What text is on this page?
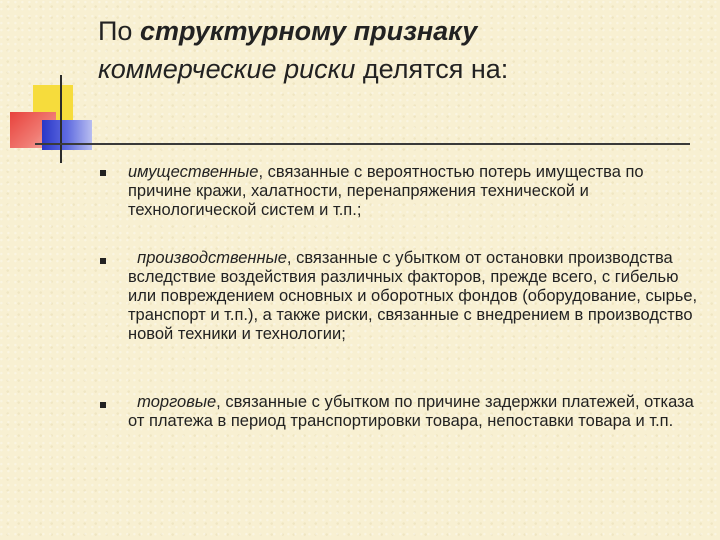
По структурному признаку
коммерческие риски делятся на:
имущественные, связанные с вероятностью потерь имущества по причине кражи, халатности, перенапряжения технической и технологической систем и т.п.;
производственные, связанные с убытком от остановки производства вследствие воздействия различных факторов, прежде всего, с гибелью или повреждением основных и оборотных фондов (оборудование, сырье, транспорт и т.п.), а также риски, связанные с внедрением в производство новой техники и технологии;
торговые, связанные с убытком по причине задержки платежей, отказа от платежа в период транспортировки товара, непоставки товара и т.п.
